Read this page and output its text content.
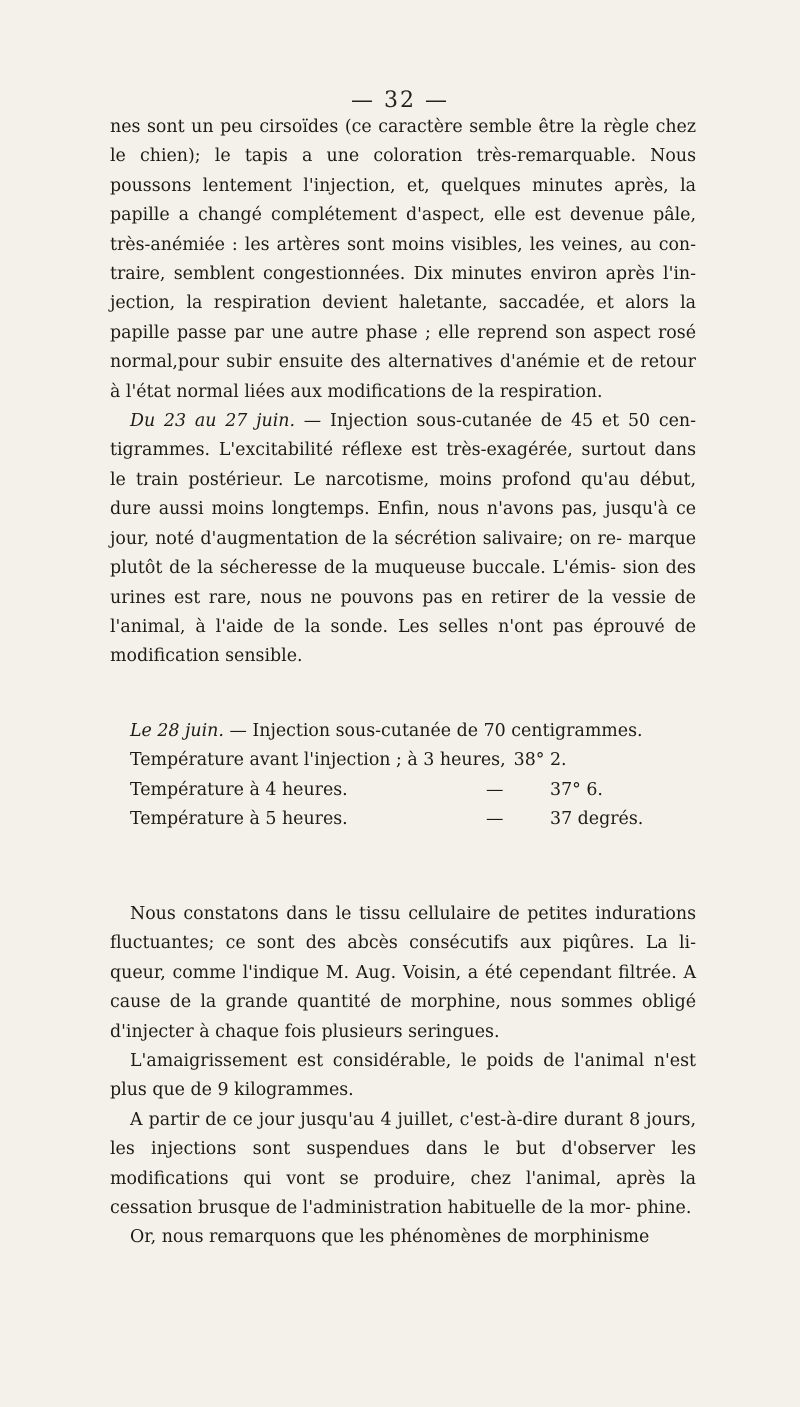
— 32 —

nes sont un peu cirsoïdes (ce caractère semble être la règle chez le chien); le tapis a une coloration très-remarquable. Nous poussons lentement l'injection, et, quelques minutes après, la papille a changé complétement d'aspect, elle est devenue pâle, très-anémiée : les artères sont moins visibles, les veines, au con- traire, semblent congestionnées. Dix minutes environ après l'in- jection, la respiration devient haletante, saccadée, et alors la papille passe par une autre phase ; elle reprend son aspect rosé normal,pour subir ensuite des alternatives d'anémie et de retour à l'état normal liées aux modifications de la respiration.

Du 23 au 27 juin. — Injection sous-cutanée de 45 et 50 cen- tigrammes. L'excitabilité réflexe est très-exagérée, surtout dans le train postérieur. Le narcotisme, moins profond qu'au début, dure aussi moins longtemps. Enfin, nous n'avons pas, jusqu'à ce jour, noté d'augmentation de la sécrétion salivaire; on re- marque plutôt de la sécheresse de la muqueuse buccale. L'émis- sion des urines est rare, nous ne pouvons pas en retirer de la vessie de l'animal, à l'aide de la sonde. Les selles n'ont pas éprouvé de modification sensible.

Le 28 juin. — Injection sous-cutanée de 70 centigrammes.

Température avant l'injection ; à 3 heures, 38° 2.
Température à 4 heures.	—	37° 6.
Température à 5 heures.	—	37 degrés.

Nous constatons dans le tissu cellulaire de petites indurations fluctuantes; ce sont des abcès consécutifs aux piqûres. La li- queur, comme l'indique M. Aug. Voisin, a été cependant filtrée. A cause de la grande quantité de morphine, nous sommes obligé d'injecter à chaque fois plusieurs seringues.

L'amaigrissement est considérable, le poids de l'animal n'est plus que de 9 kilogrammes.

A partir de ce jour jusqu'au 4 juillet, c'est-à-dire durant 8 jours, les injections sont suspendues dans le but d'observer les modifications qui vont se produire, chez l'animal, après la cessation brusque de l'administration habituelle de la mor- phine.

Or, nous remarquons que les phénomènes de morphinisme
